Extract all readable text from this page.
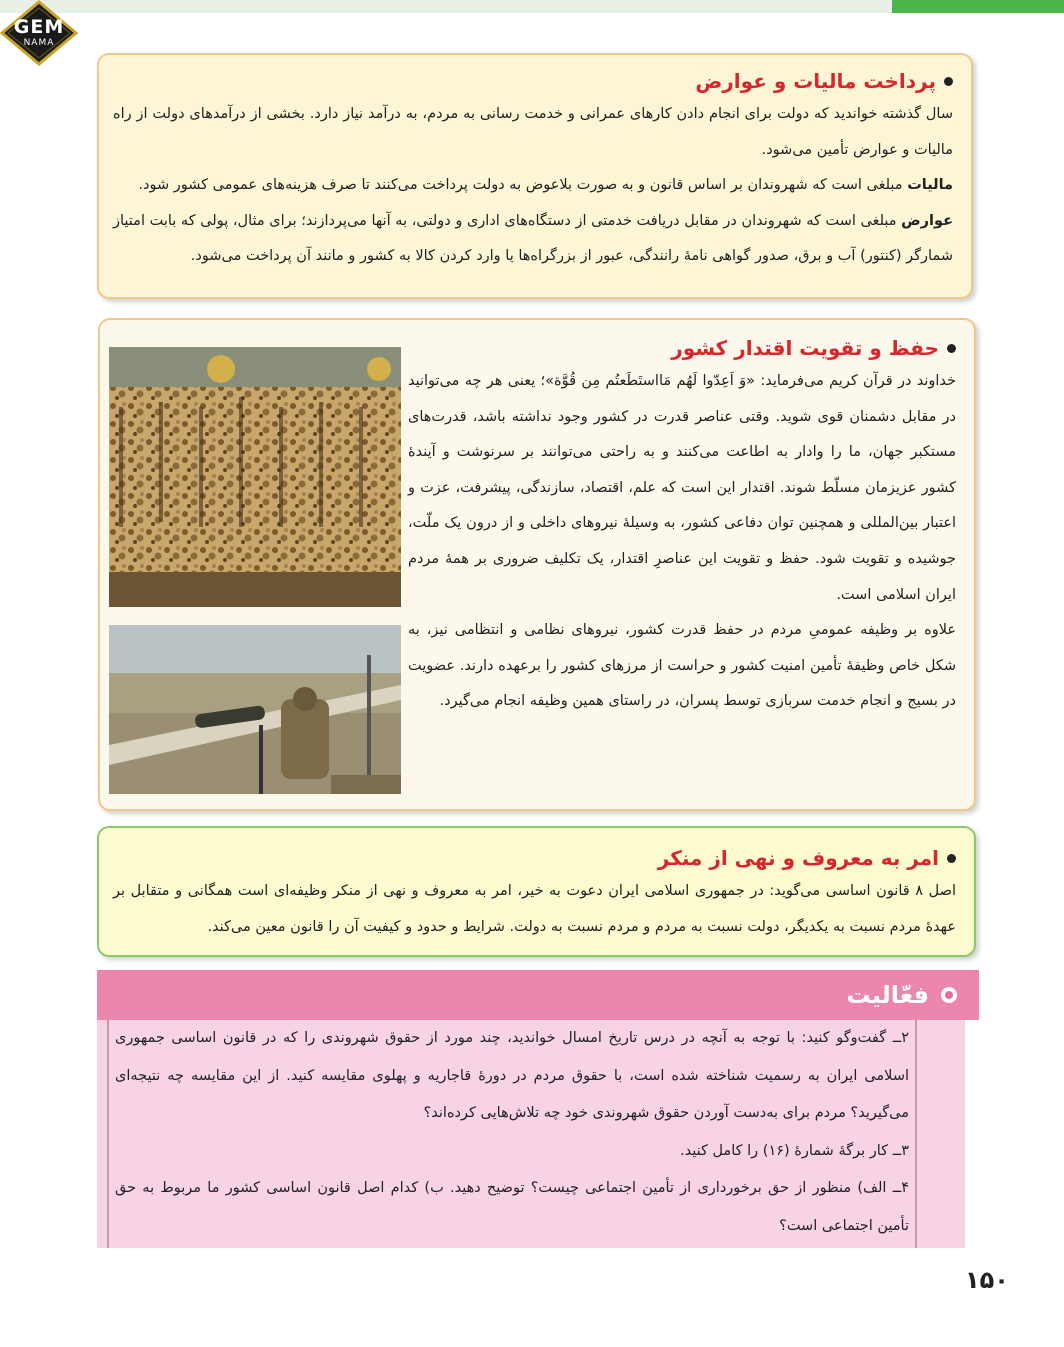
GEM
NAMA
پرداخت مالیات و عوارض

سال گذشته خواندید که دولت برای انجام دادن کارهای عمرانی و خدمت رسانی به مردم، به درآمد نیاز دارد. بخشی از درآمدهای دولت از راه مالیات و عوارض تأمین می‌شود.

مالیات مبلغی است که شهروندان بر اساس قانون و به صورت بلاعوض به دولت پرداخت می‌کنند تا صرف هزینه‌های عمومی کشور شود.

عوارض مبلغی است که شهروندان در مقابل دریافت خدمتی از دستگاه‌های اداری و دولتی، به آنها می‌پردازند؛ برای مثال، پولی که بابت امتیاز شمارگر (کنتور) آب و برق، صدور گواهی نامهٔ رانندگی، عبور از بزرگراه‌ها یا وارد کردن کالا به کشور و مانند آن پرداخت می‌شود.

حفظ و تقویت اقتدار کشور

خداوند در قرآن کریم می‌فرماید: «وَ اَعِدّوا لَهُم مَااستَطَعتُم مِن قُوَّة»؛ یعنی هر چه می‌توانید در مقابل دشمنان قوی شوید. وقتی عناصر قدرت در کشور وجود نداشته باشد، قدرت‌های مستکبر جهان، ما را وادار به اطاعت می‌کنند و به راحتی می‌توانند بر سرنوشت و آیندهٔ کشور عزیزمان مسلّط شوند. اقتدار این است که علم، اقتصاد، سازندگی، پیشرفت، عزت و اعتبار بین‌المللی و همچنین توان دفاعی کشور، به وسیلهٔ نیروهای داخلی و از درون یک ملّت، جوشیده و تقویت شود. حفظ و تقویت این عناصرِ اقتدار، یک تکلیف ضروری بر همهٔ مردم ایران اسلامی است.

علاوه بر وظیفه عمومیِ مردم در حفظ قدرت کشور، نیروهای نظامی و انتظامی نیز، به شکل خاص وظیفهٔ تأمین امنیت کشور و حراست از مرزهای کشور را برعهده دارند. عضویت در بسیج و انجام خدمت سربازی توسط پسران، در راستای همین وظیفه انجام می‌گیرد.

امر به معروف و نهی از منکر

اصل ۸ قانون اساسی می‌گوید: در جمهوری اسلامی ایران دعوت به خیر، امر به معروف و نهی از منکر وظیفه‌ای است همگانی و متقابل بر عهدهٔ مردم نسبت به یکدیگر، دولت نسبت به مردم و مردم نسبت به دولت. شرایط و حدود و کیفیت آن را قانون معین می‌کند.

فعّالیت

۲ــ گفت‌وگو کنید: با توجه به آنچه در درس تاریخ امسال خواندید، چند مورد از حقوق شهروندی را که در قانون اساسی جمهوری اسلامی ایران به رسمیت شناخته شده است، با حقوق مردم در دورهٔ قاجاریه و پهلوی مقایسه کنید. از این مقایسه چه نتیجه‌ای می‌گیرید؟ مردم برای به‌دست آوردن حقوق شهروندی خود چه تلاش‌هایی کرده‌اند؟

۳ــ کار برگهٔ شمارهٔ (۱۶) را کامل کنید.

۴ــ الف) منظور از حق برخورداری از تأمین اجتماعی چیست؟ توضیح دهید. ب) کدام اصل قانون اساسی کشور ما مربوط به حق تأمین اجتماعی است؟

۱۵۰
